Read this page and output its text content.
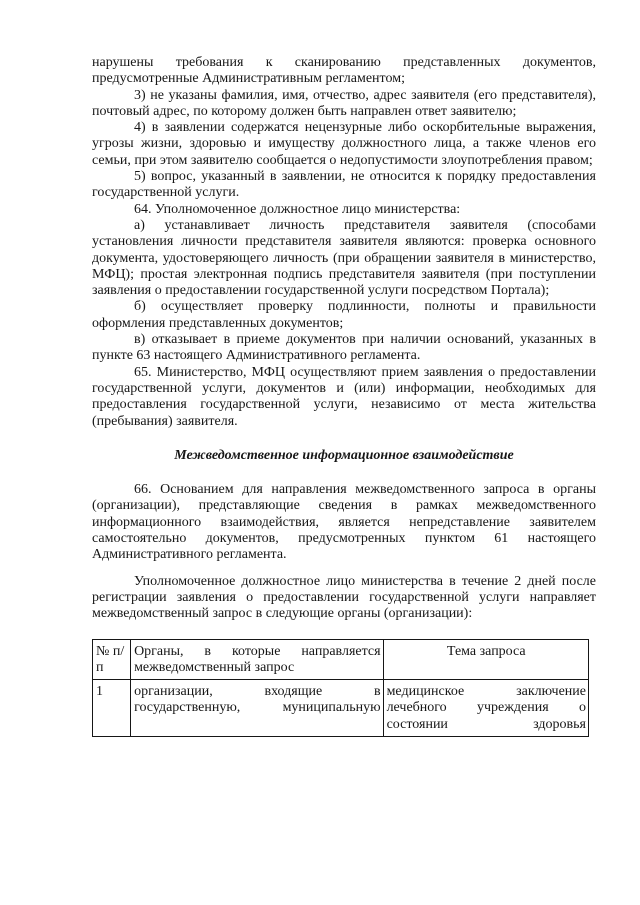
нарушены требования к сканированию представленных документов, предусмотренные Административным регламентом;

3) не указаны фамилия, имя, отчество, адрес заявителя (его представителя), почтовый адрес, по которому должен быть направлен ответ заявителю;

4) в заявлении содержатся нецензурные либо оскорбительные выражения, угрозы жизни, здоровью и имуществу должностного лица, а также членов его семьи, при этом заявителю сообщается о недопустимости злоупотребления правом;

5) вопрос, указанный в заявлении, не относится к порядку предоставления государственной услуги.

64. Уполномоченное должностное лицо министерства:

а) устанавливает личность представителя заявителя (способами установления личности представителя заявителя являются: проверка основного документа, удостоверяющего личность (при обращении заявителя в министерство, МФЦ); простая электронная подпись представителя заявителя (при поступлении заявления о предоставлении государственной услуги посредством Портала);

б) осуществляет проверку подлинности, полноты и правильности оформления представленных документов;

в) отказывает в приеме документов при наличии оснований, указанных в пункте 63 настоящего Административного регламента.

65. Министерство, МФЦ осуществляют прием заявления о предоставлении государственной услуги, документов и (или) информации, необходимых для предоставления государственной услуги, независимо от места жительства (пребывания) заявителя.

Межведомственное информационное взаимодействие

66. Основанием для направления межведомственного запроса в органы (организации), представляющие сведения в рамках межведомственного информационного взаимодействия, является непредставление заявителем самостоятельно документов, предусмотренных пунктом 61 настоящего Административного регламента.

Уполномоченное должностное лицо министерства в течение 2 дней после регистрации заявления о предоставлении государственной услуги направляет межведомственный запрос в следующие органы (организации):

№ п/п	Органы, в которые направляется межведомственный запрос	Тема запроса
1	организации, входящие в государственную, муниципальную	медицинское заключение лечебного учреждения о состоянии здоровья
